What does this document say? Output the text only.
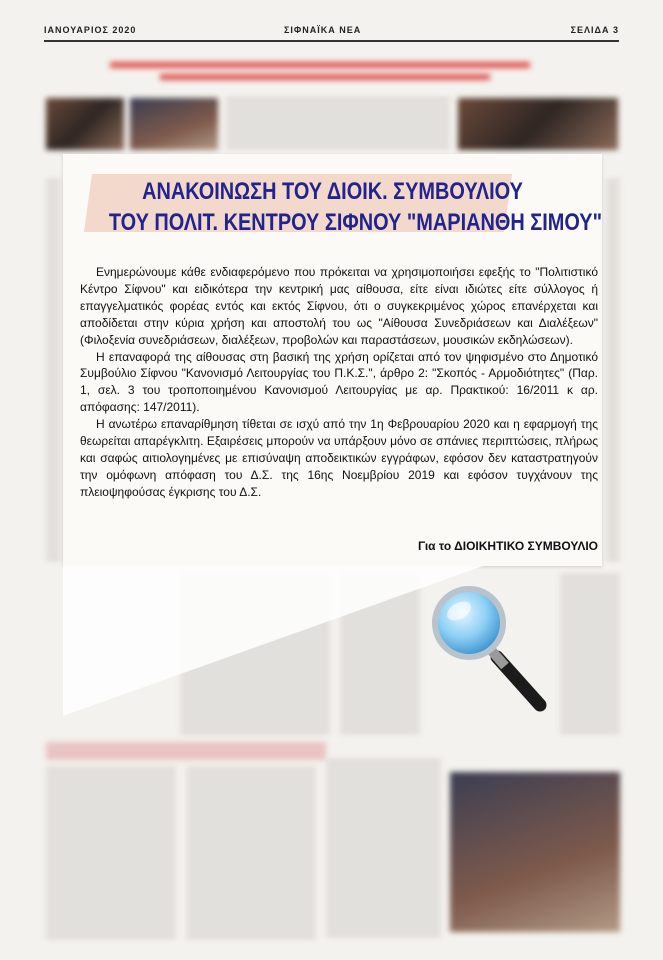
ΙΑΝΟΥΑΡΙΟΣ 2020	ΣΙΦΝΑΪΚΑ ΝΕΑ	ΣΕΛΙΔΑ 3
ΑΝΑΚΟΙΝΩΣΗ ΤΟΥ ΔΙΟΙΚ. ΣΥΜΒΟΥΛΙΟΥ
ΤΟΥ ΠΟΛΙΤ. ΚΕΝΤΡΟΥ ΣΙΦΝΟΥ "ΜΑΡΙΑΝΘΗ ΣΙΜΟΥ"

Ενημερώνουμε κάθε ενδιαφερόμενο που πρόκειται να χρησιμοποιήσει εφεξής το "Πολιτιστικό Κέντρο Σίφνου" και ειδικότερα την κεντρική μας αίθουσα, είτε είναι ιδιώτες είτε σύλλογος ή επαγγελματικός φορέας εντός και εκτός Σίφνου, ότι ο συγκεκριμένος χώρος επανέρχεται και αποδίδεται στην κύρια χρήση και αποστολή του ως "Αίθουσα Συνεδριάσεων και Διαλέξεων" (Φιλοξενία συνεδριάσεων, διαλέξεων, προβολών και παραστάσεων, μουσικών εκδηλώσεων).

Η επαναφορά της αίθουσας στη βασική της χρήση ορίζεται από τον ψηφισμένο στο Δημοτικό Συμβούλιο Σίφνου "Κανονισμό Λειτουργίας του Π.Κ.Σ.", άρθρο 2: "Σκοπός - Αρμοδιότητες" (Παρ. 1, σελ. 3 του τροποποιημένου Κανονισμού Λειτουργίας με αρ. Πρακτικού: 16/2011 κ αρ. απόφασης: 147/2011).

Η ανωτέρω επαναρίθμηση τίθεται σε ισχύ από την 1η Φεβρουαρίου 2020 και η εφαρμογή της θεωρείται απαρέγκλιτη. Εξαιρέσεις μπορούν να υπάρξουν μόνο σε σπάνιες περιπτώσεις, πλήρως και σαφώς αιτιολογημένες με επισύναψη αποδεικτικών εγγράφων, εφόσον δεν καταστρατηγούν την ομόφωνη απόφαση του Δ.Σ. της 16ης Νοεμβρίου 2019 και εφόσον τυγχάνουν της πλειοψηφούσας έγκρισης του Δ.Σ.

Για το ΔΙΟΙΚΗΤΙΚΟ ΣΥΜΒΟΥΛΙΟ
